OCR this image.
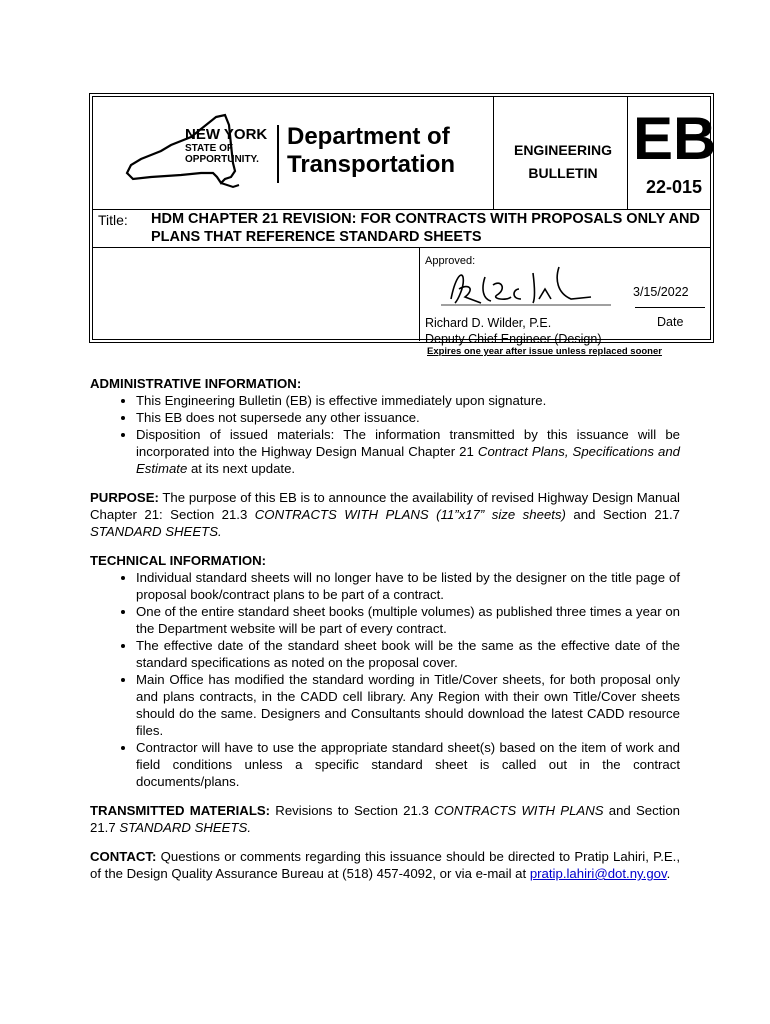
NEW YORK
STATE OF
OPPORTUNITY.
Department of
Transportation
ENGINEERING
BULLETIN
EB
22-015
Title: HDM CHAPTER 21 REVISION: FOR CONTRACTS WITH PROPOSALS ONLY AND PLANS THAT REFERENCE STANDARD SHEETS
Approved:
3/15/2022
Date
Richard D. Wilder, P.E.
Deputy Chief Engineer (Design)
Expires one year after issue unless replaced sooner
ADMINISTRATIVE INFORMATION:
• This Engineering Bulletin (EB) is effective immediately upon signature.
• This EB does not supersede any other issuance.
• Disposition of issued materials: The information transmitted by this issuance will be incorporated into the Highway Design Manual Chapter 21 Contract Plans, Specifications and Estimate at its next update.

PURPOSE: The purpose of this EB is to announce the availability of revised Highway Design Manual Chapter 21: Section 21.3 CONTRACTS WITH PLANS (11”x17” size sheets) and Section 21.7 STANDARD SHEETS.

TECHNICAL INFORMATION:
• Individual standard sheets will no longer have to be listed by the designer on the title page of proposal book/contract plans to be part of a contract.
• One of the entire standard sheet books (multiple volumes) as published three times a year on the Department website will be part of every contract.
• The effective date of the standard sheet book will be the same as the effective date of the standard specifications as noted on the proposal cover.
• Main Office has modified the standard wording in Title/Cover sheets, for both proposal only and plans contracts, in the CADD cell library. Any Region with their own Title/Cover sheets should do the same. Designers and Consultants should download the latest CADD resource files.
• Contractor will have to use the appropriate standard sheet(s) based on the item of work and field conditions unless a specific standard sheet is called out in the contract documents/plans.

TRANSMITTED MATERIALS: Revisions to Section 21.3 CONTRACTS WITH PLANS and Section 21.7 STANDARD SHEETS.

CONTACT: Questions or comments regarding this issuance should be directed to Pratip Lahiri, P.E., of the Design Quality Assurance Bureau at (518) 457-4092, or via e-mail at pratip.lahiri@dot.ny.gov.
